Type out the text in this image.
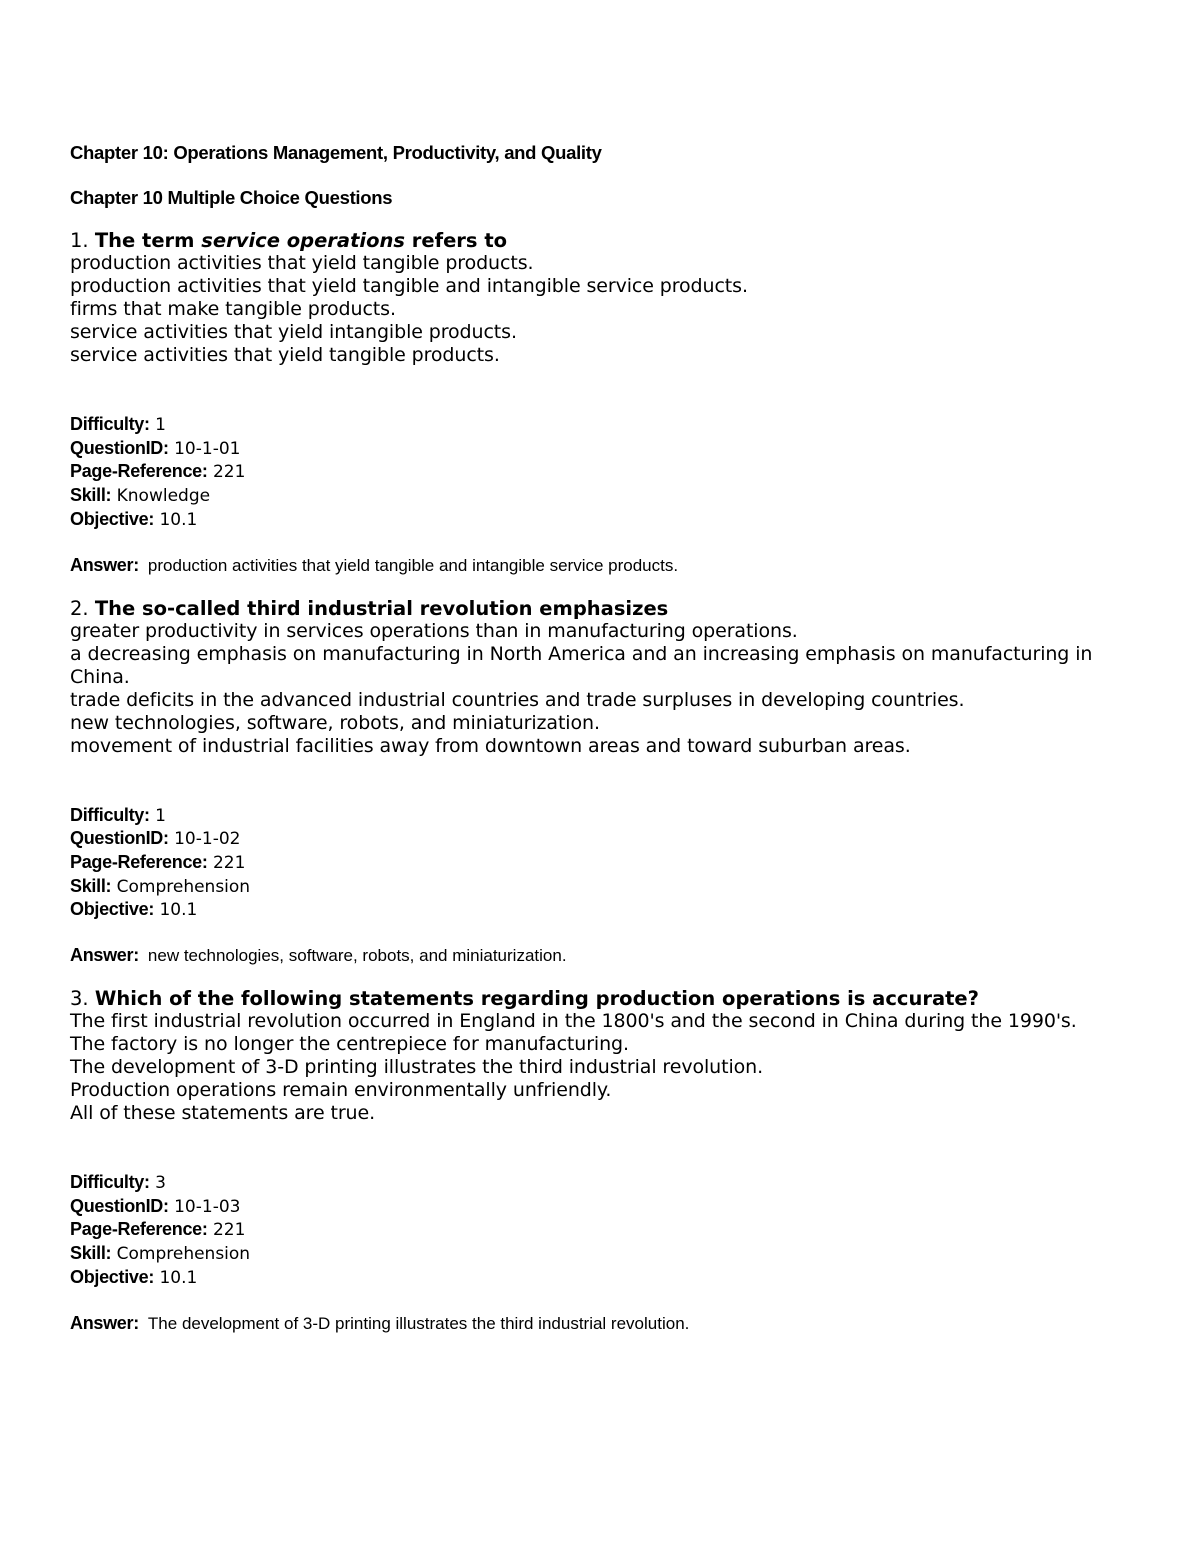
Chapter 10: Operations Management, Productivity, and Quality

Chapter 10 Multiple Choice Questions

1. The term service operations refers to

production activities that yield tangible products.

production activities that yield tangible and intangible service products.

firms that make tangible products.

service activities that yield intangible products.

service activities that yield tangible products.

Difficulty: 1

QuestionID: 10-1-01

Page-Reference: 221

Skill: Knowledge

Objective: 10.1

Answer: production activities that yield tangible and intangible service products.

2. The so-called third industrial revolution emphasizes

greater productivity in services operations than in manufacturing operations.

a decreasing emphasis on manufacturing in North America and an increasing emphasis on manufacturing in China.

trade deficits in the advanced industrial countries and trade surpluses in developing countries.

new technologies, software, robots, and miniaturization.

movement of industrial facilities away from downtown areas and toward suburban areas.

Difficulty: 1

QuestionID: 10-1-02

Page-Reference: 221

Skill: Comprehension

Objective: 10.1

Answer: new technologies, software, robots, and miniaturization.

3. Which of the following statements regarding production operations is accurate?

The first industrial revolution occurred in England in the 1800's and the second in China during the 1990's.

The factory is no longer the centrepiece for manufacturing.

The development of 3-D printing illustrates the third industrial revolution.

Production operations remain environmentally unfriendly.

All of these statements are true.

Difficulty: 3

QuestionID: 10-1-03

Page-Reference: 221

Skill: Comprehension

Objective: 10.1

Answer: The development of 3-D printing illustrates the third industrial revolution.
